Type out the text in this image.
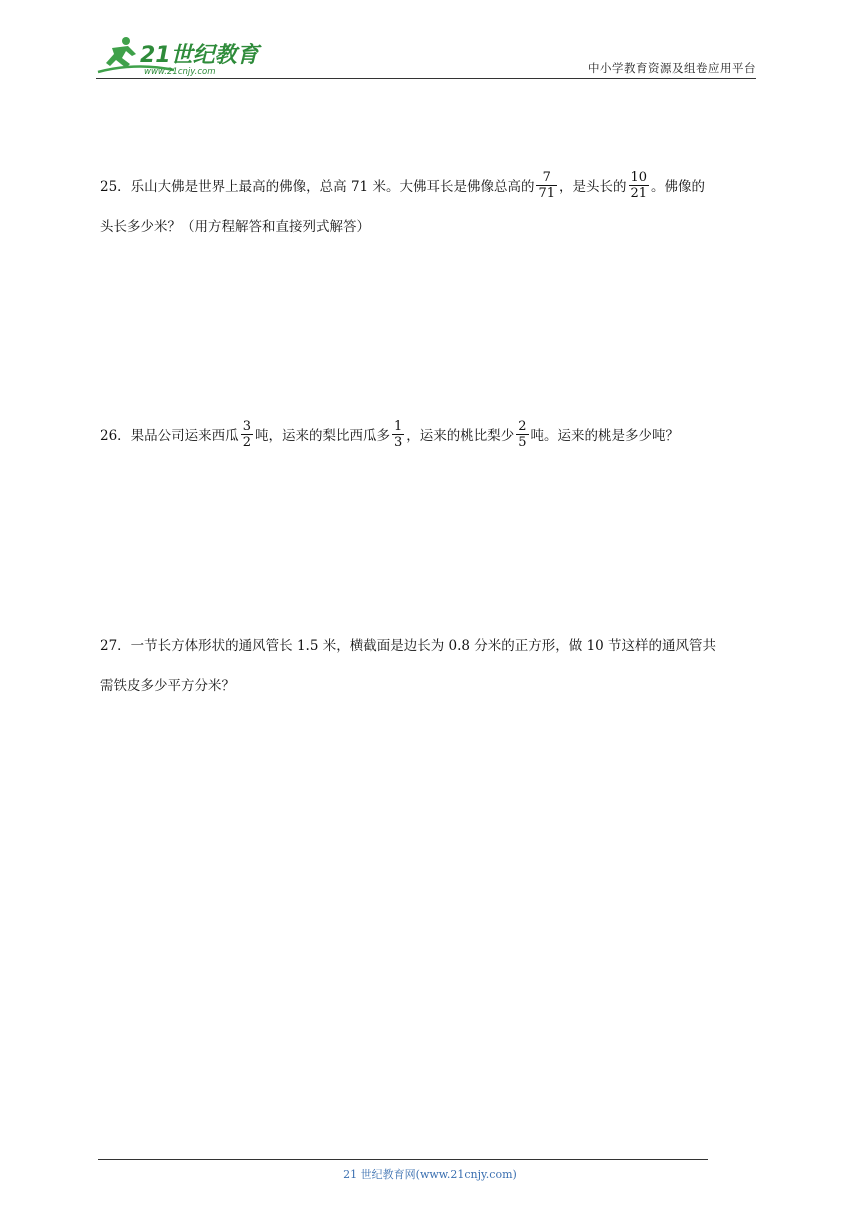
21世纪教育
www.21cnjy.com	中小学教育资源及组卷应用平台

25．乐山大佛是世界上最高的佛像，总高 71 米。大佛耳长是佛像总高的 $\frac{7}{71}$ ，是头长的 $\frac{10}{21}$ 。佛像的

头长多少米？（用方程解答和直接列式解答）

26．果品公司运来西瓜 $\frac{3}{2}$ 吨，运来的梨比西瓜多 $\frac{1}{3}$ ，运来的桃比梨少 $\frac{2}{5}$ 吨。运来的桃是多少吨？

27．一节长方体形状的通风管长 1.5 米，横截面是边长为 0.8 分米的正方形，做 10 节这样的通风管共

需铁皮多少平方分米？

21 世纪教育网(www.21cnjy.com)
